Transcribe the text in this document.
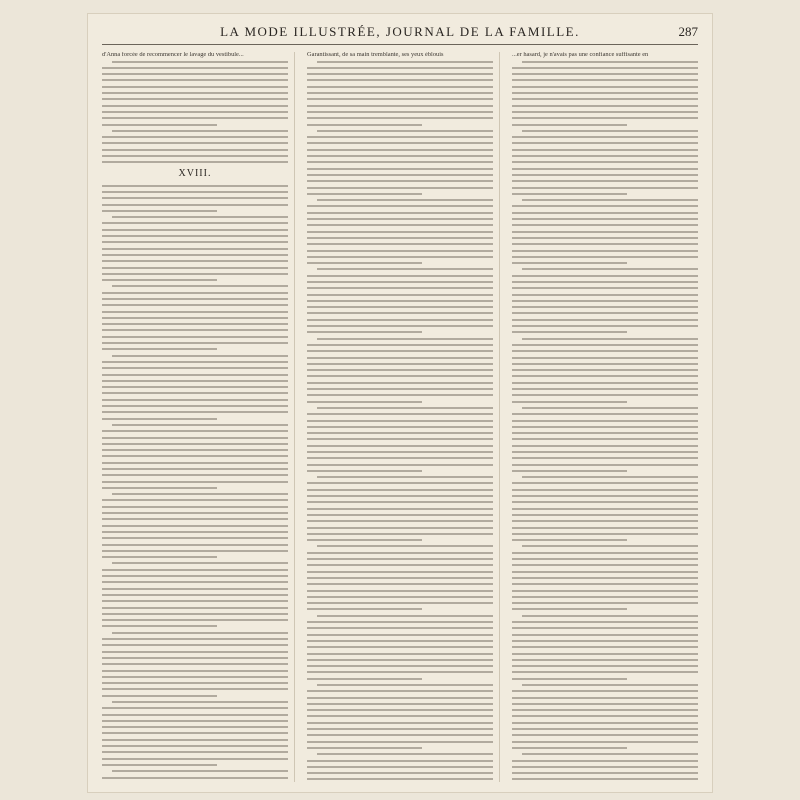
LA MODE ILLUSTRÉE, JOURNAL DE LA FAMILLE.	287
d'Anna forcée de recommencer le lavage du vestibule...
XVIII.
Garantissant, de sa main tremblante, ses yeux éblouis	...er hasard, je n'avais pas une confiance suffisante en
